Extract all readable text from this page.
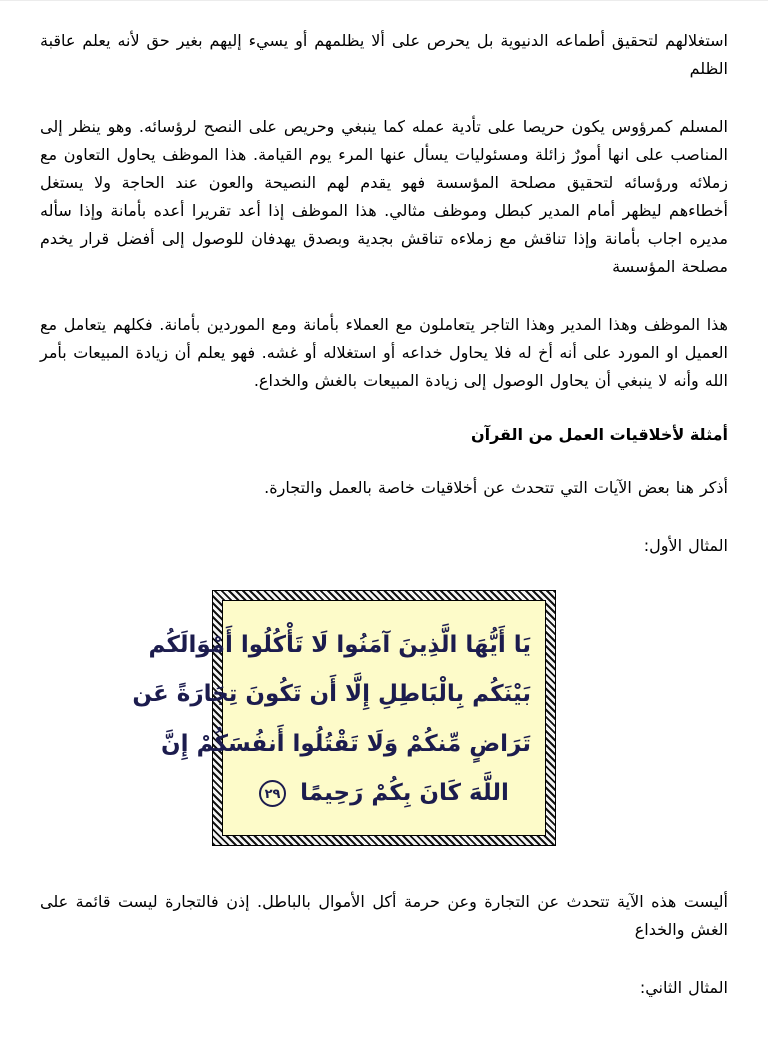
استغلالهم لتحقيق أطماعه الدنيوية بل يحرص على ألا يظلمهم أو يسيء إليهم بغير حق لأنه يعلم عاقبة الظلم

المسلم كمرؤوس يكون حريصا على تأدية عمله كما ينبغي وحريص على النصح لرؤسائه. وهو ينظر إلى المناصب على انها أمورٌ زائلة ومسئوليات يسأل عنها المرء يوم القيامة. هذا الموظف يحاول التعاون مع زملائه ورؤسائه لتحقيق مصلحة المؤسسة فهو يقدم لهم النصيحة والعون عند الحاجة ولا يستغل أخطاءهم ليظهر أمام المدير كبطل وموظف مثالي. هذا الموظف إذا أعد تقريرا أعده بأمانة وإذا سأله مديره اجاب بأمانة وإذا تناقش مع زملاءه تناقش بجدية وبصدق يهدفان للوصول إلى أفضل قرار يخدم مصلحة المؤسسة

هذا الموظف وهذا المدير وهذا التاجر يتعاملون مع العملاء بأمانة ومع الموردين بأمانة. فكلهم يتعامل مع العميل او المورد على أنه أخ له فلا يحاول خداعه أو استغلاله أو غشه. فهو يعلم أن زيادة المبيعات بأمر الله وأنه لا ينبغي أن يحاول الوصول إلى زيادة المبيعات بالغش والخداع.

أمثلة لأخلاقيات العمل من القرآن

أذكر هنا بعض الآيات التي تتحدث عن أخلاقيات خاصة بالعمل والتجارة.

المثال الأول:

يَا أَيُّهَا الَّذِينَ آمَنُوا لَا تَأْكُلُوا أَمْوَالَكُم
بَيْنَكُم بِالْبَاطِلِ إِلَّا أَن تَكُونَ تِجَارَةً عَن
تَرَاضٍ مِّنكُمْ وَلَا تَقْتُلُوا أَنفُسَكُمْ إِنَّ
اللَّهَ كَانَ بِكُمْ رَحِيمًا ٢٩

أليست هذه الآية تتحدث عن التجارة وعن حرمة أكل الأموال بالباطل. إذن فالتجارة ليست قائمة على الغش والخداع

المثال الثاني:
